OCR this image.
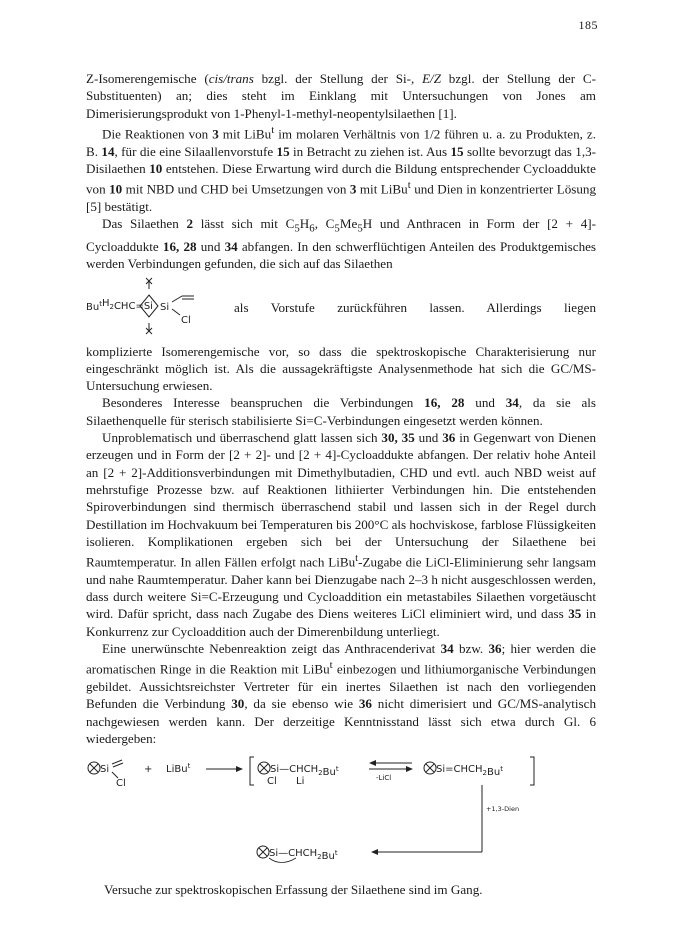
185

Z-Isomerengemische (cis/trans bzgl. der Stellung der Si-, E/Z bzgl. der Stellung der C-Substituenten) an; dies steht im Einklang mit Untersuchungen von Jones am Dimerisierungsprodukt von 1-Phenyl-1-methyl-neopentylsilaethen [1].

Die Reaktionen von 3 mit LiBu$^t$ im molaren Verhältnis von 1/2 führen u. a. zu Produkten, z. B. 14, für die eine Silaallenvorstufe 15 in Betracht zu ziehen ist. Aus 15 sollte bevorzugt das 1,3-Disilaethen 10 entstehen. Diese Erwartung wird durch die Bildung entsprechender Cycloaddukte von 10 mit NBD und CHD bei Umsetzungen von 3 mit LiBu$^t$ und Dien in konzentrierter Lösung [5] bestätigt.

Das Silaethen 2 lässt sich mit $C_5H_6$, $C_5Me_5H$ und Anthracen in Form der [2 + 4]-Cycloaddukte 16, 28 und 34 abfangen. In den schwerflüchtigen Anteilen des Produktgemisches werden Verbindungen gefunden, die sich auf das Silaethen

$Bu^tH_2CHC=Si$ Si
Cl
als Vorstufe zurückführen lassen. Allerdings liegen

komplizierte Isomerengemische vor, so dass die spektroskopische Charakterisierung nur eingeschränkt möglich ist. Als die aussagekräftigste Analysenmethode hat sich die GC/MS-Untersuchung erwiesen.

Besonderes Interesse beanspruchen die Verbindungen 16, 28 und 34, da sie als Silaethenquelle für sterisch stabilisierte Si=C-Verbindungen eingesetzt werden können.

Unproblematisch und überraschend glatt lassen sich 30, 35 und 36 in Gegenwart von Dienen erzeugen und in Form der [2 + 2]- und [2 + 4]-Cycloaddukte abfangen. Der relativ hohe Anteil an [2 + 2]-Additionsverbindungen mit Dimethylbutadien, CHD und evtl. auch NBD weist auf mehrstufige Prozesse bzw. auf Reaktionen lithiierter Verbindungen hin. Die entstehenden Spiroverbindungen sind thermisch überraschend stabil und lassen sich in der Regel durch Destillation im Hochvakuum bei Temperaturen bis 200°C als hochviskose, farblose Flüssigkeiten isolieren. Komplikationen ergeben sich bei der Untersuchung der Silaethene bei Raumtemperatur. In allen Fällen erfolgt nach LiBu$^t$-Zugabe die LiCl-Eliminierung sehr langsam und nahe Raumtemperatur. Daher kann bei Dienzugabe nach 2–3 h nicht ausgeschlossen werden, dass durch weitere Si=C-Erzeugung und Cycloaddition ein metastabiles Silaethen vorgetäuscht wird. Dafür spricht, dass nach Zugabe des Diens weiteres LiCl eliminiert wird, und dass 35 in Konkurrenz zur Cycloaddition auch der Dimerenbildung unterliegt.

Eine unerwünschte Nebenreaktion zeigt das Anthracenderivat 34 bzw. 36; hier werden die aromatischen Ringe in die Reaktion mit LiBu$^t$ einbezogen und lithiumorganische Verbindungen gebildet. Aussichtsreichster Vertreter für ein inertes Silaethen ist nach den vorliegenden Befunden die Verbindung 30, da sie ebenso wie 36 nicht dimerisiert und GC/MS-analytisch nachgewiesen werden kann. Der derzeitige Kenntnisstand lässt sich etwa durch Gl. 6 wiedergeben:

Si
Cl
+ LiBu$^t$	$Si—CHCH_2Bu^t$
Cl Li	-LiCl
$Si=CHCH_2Bu^t$
+1,3-Dien
$Si—CHCH_2Bu^t$
Versuche zur spektroskopischen Erfassung der Silaethene sind im Gang.
